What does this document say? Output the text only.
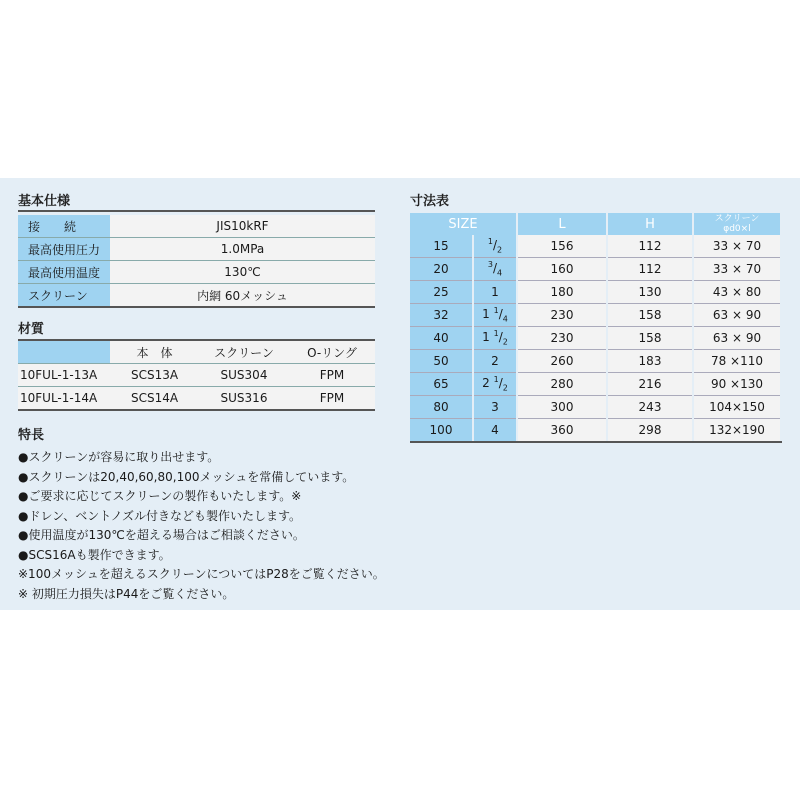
基本仕様
接　　続	JIS10kRF
最高使用圧力	1.0MPa
最高使用温度	130℃
スクリーン	内網 60メッシュ
材質
	本　体	スクリーン	O-リング
10FUL-1-13A	SCS13A	SUS304	FPM
10FUL-1-14A	SCS14A	SUS316	FPM
特長
●スクリーンが容易に取り出せます。
●スクリーンは20,40,60,80,100メッシュを常備しています。
●ご要求に応じてスクリーンの製作もいたします。※
●ドレン、ベントノズル付きなども製作いたします。
●使用温度が130℃を超える場合はご相談ください。
●SCS16Aも製作できます。
※100メッシュを超えるスクリーンについてはP28をご覧ください。
※ 初期圧力損失はP44をご覧ください。
寸法表
SIZE		L	H	スクリーン
φd0×l

15	$^1/_2$	156	112	33 × 70
20	$^3/_4$	160	112	33 × 70
25	1	180	130	43 × 80
32	1 $^1/_4$	230	158	63 × 90
40	1 $^1/_2$	230	158	63 × 90
50	2	260	183	78 ×110
65	2 $^1/_2$	280	216	90 ×130
80	3	300	243	104×150
100	4	360	298	132×190
